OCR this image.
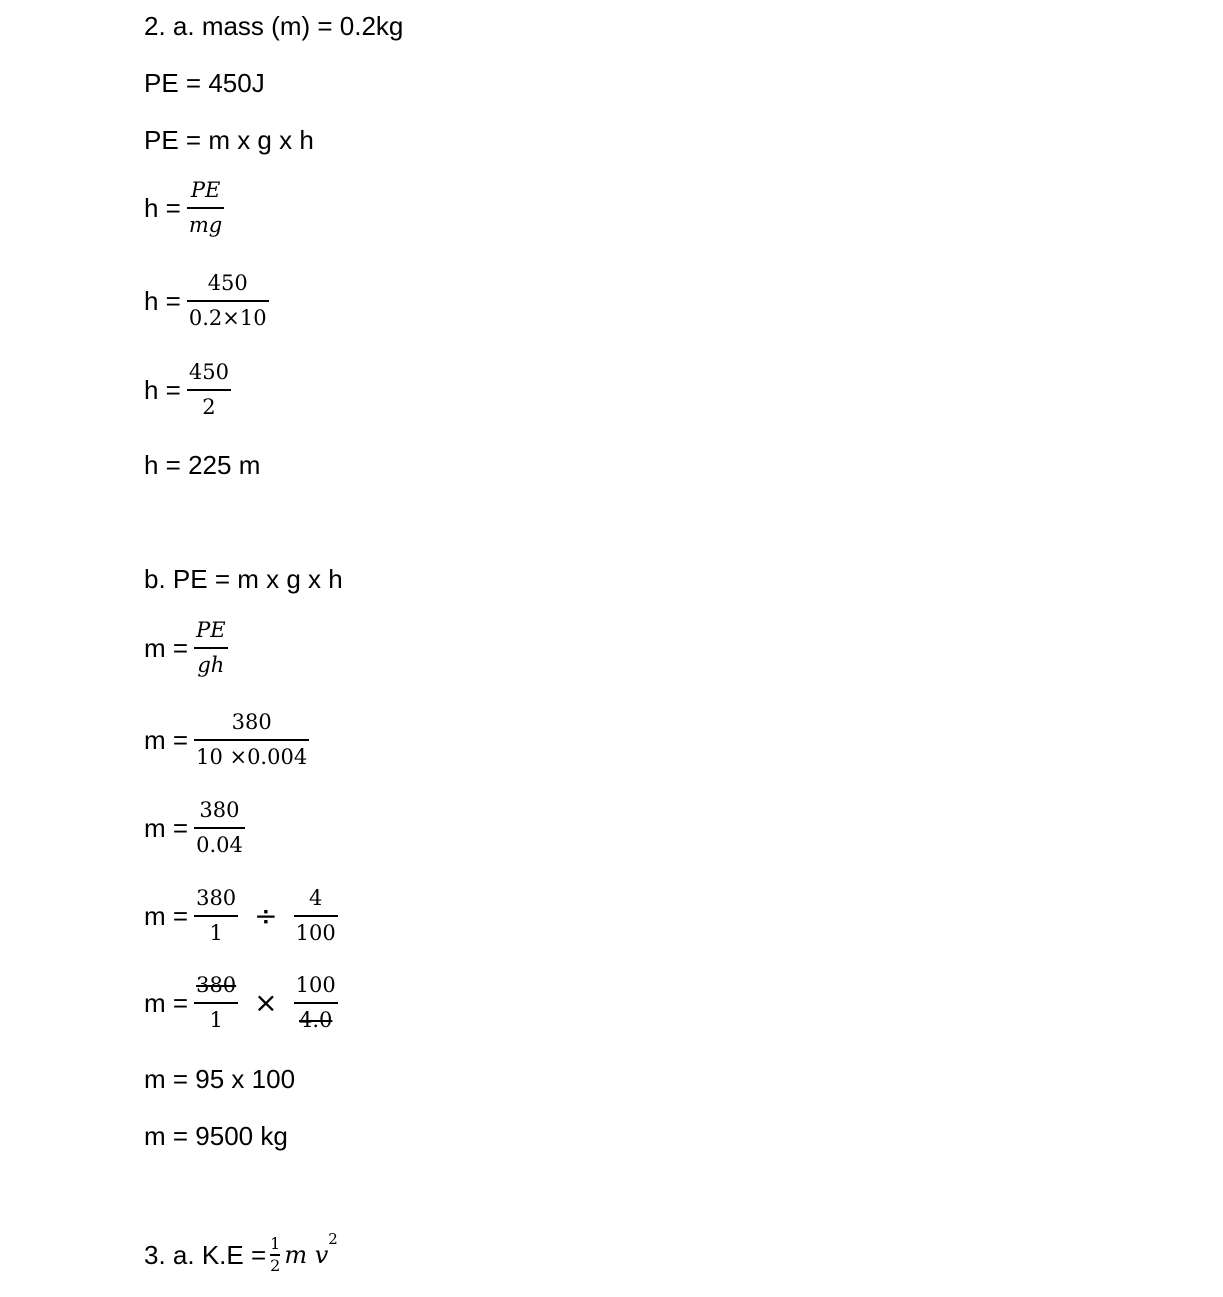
2. a. mass (m) = 0.2kg
PE = 450J
PE = m x g x h
$h = \frac{PE}{mg}$
$h = \frac{450}{0.2\times 10}$
$h = \frac{450}{2}$
h = 225 m
b. PE = m x g x h
$m = \frac{PE}{gh}$
$m = \frac{380}{10 \times 0.004}$
$m = \frac{380}{0.04}$
$m = \frac{380}{1} \div \frac{4}{100}$
$m = \frac{380}{1} \times \frac{100}{4.0}$
m = 95 x 100
m = 9500 kg
3. a. $K.E = \frac{1}{2}$ m v
$^2$
